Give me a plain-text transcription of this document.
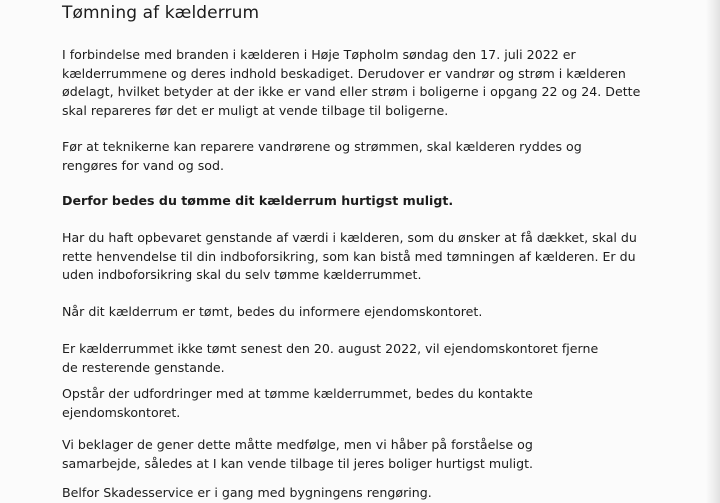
Tømning af kælderrum

I forbindelse med branden i kælderen i Høje Tøpholm søndag den 17. juli 2022 er
kælderrummene og deres indhold beskadiget. Derudover er vandrør og strøm i kælderen
ødelagt, hvilket betyder at der ikke er vand eller strøm i boligerne i opgang 22 og 24. Dette
skal repareres før det er muligt at vende tilbage til boligerne.

Før at teknikerne kan reparere vandrørene og strømmen, skal kælderen ryddes og
rengøres for vand og sod.

Derfor bedes du tømme dit kælderrum hurtigst muligt.

Har du haft opbevaret genstande af værdi i kælderen, som du ønsker at få dækket, skal du
rette henvendelse til din indboforsikring, som kan bistå med tømningen af kælderen. Er du
uden indboforsikring skal du selv tømme kælderrummet.

Når dit kælderrum er tømt, bedes du informere ejendomskontoret.

Er kælderrummet ikke tømt senest den 20. august 2022, vil ejendomskontoret fjerne
de resterende genstande.

Opstår der udfordringer med at tømme kælderrummet, bedes du kontakte
ejendomskontoret.

Vi beklager de gener dette måtte medfølge, men vi håber på forståelse og
samarbejde, således at I kan vende tilbage til jeres boliger hurtigst muligt.

Belfor Skadesservice er i gang med bygningens rengøring.
